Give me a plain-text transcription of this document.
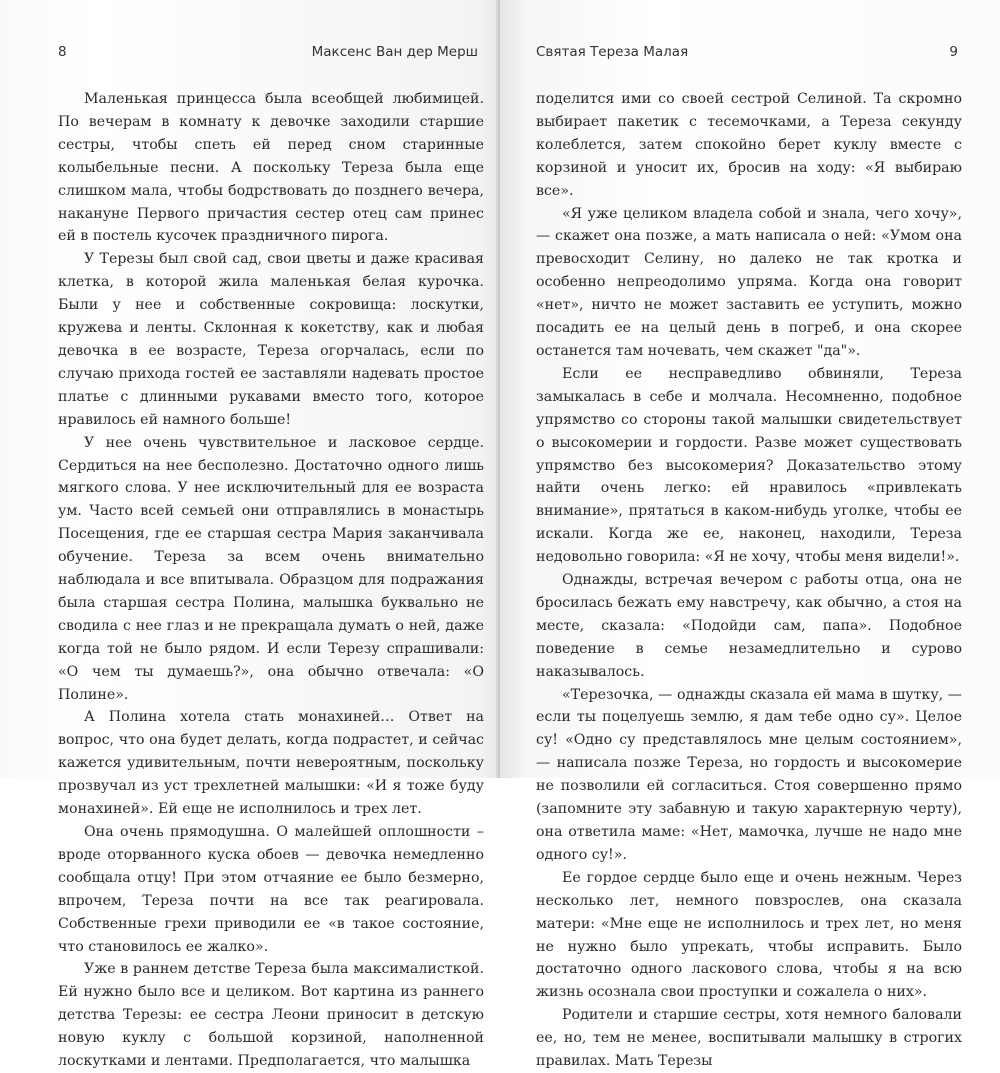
8	Максенс Ван дер Мерш

Маленькая принцесса была всеобщей любимицей. По вечерам в комнату к девочке заходили старшие сестры, чтобы спеть ей перед сном старинные колыбельные песни. А поскольку Тереза была еще слишком мала, чтобы бодрствовать до позднего вечера, накануне Первого причастия сестер отец сам принес ей в постель кусочек праздничного пирога.

У Терезы был свой сад, свои цветы и даже красивая клетка, в которой жила маленькая белая курочка. Были у нее и собственные сокровища: лоскутки, кружева и ленты. Склонная к кокетству, как и любая девочка в ее возрасте, Тереза огорчалась, если по случаю прихода гостей ее заставляли надевать простое платье с длинными рукавами вместо того, которое нравилось ей намного больше!

У нее очень чувствительное и ласковое сердце. Сердиться на нее бесполезно. Достаточно одного лишь мягкого слова. У нее исключительный для ее возраста ум. Часто всей семьей они отправлялись в монастырь Посещения, где ее старшая сестра Мария заканчивала обучение. Тереза за всем очень внимательно наблюдала и все впитывала. Образцом для подражания была старшая сестра Полина, малышка буквально не сводила с нее глаз и не прекращала думать о ней, даже когда той не было рядом. И если Терезу спрашивали: «О чем ты думаешь?», она обычно отвечала: «О Полине».

А Полина хотела стать монахиней… Ответ на вопрос, что она будет делать, когда подрастет, и сейчас кажется удивительным, почти невероятным, поскольку прозвучал из уст трехлетней малышки: «И я тоже буду монахиней». Ей еще не исполнилось и трех лет.

Она очень прямодушна. О малейшей оплошности – вроде оторванного куска обоев — девочка немедленно сообщала отцу! При этом отчаяние ее было безмерно, впрочем, Тереза почти на все так реагировала. Собственные грехи приводили ее «в такое состояние, что становилось ее жалко».

Уже в раннем детстве Тереза была максималисткой. Ей нужно было все и целиком. Вот картина из раннего детства Терезы: ее сестра Леони приносит в детскую новую куклу с большой корзиной, наполненной лоскутками и лентами. Предполагается, что малышка

Святая Тереза Малая	9

поделится ими со своей сестрой Селиной. Та скромно выбирает пакетик с тесемочками, а Тереза секунду колеблется, затем спокойно берет куклу вместе с корзиной и уносит их, бросив на ходу: «Я выбираю все».

«Я уже целиком владела собой и знала, чего хочу», — скажет она позже, а мать написала о ней: «Умом она превосходит Селину, но далеко не так кротка и особенно непреодолимо упряма. Когда она говорит «нет», ничто не может заставить ее уступить, можно посадить ее на целый день в погреб, и она скорее останется там ночевать, чем скажет "да"».

Если ее несправедливо обвиняли, Тереза замыкалась в себе и молчала. Несомненно, подобное упрямство со стороны такой малышки свидетельствует о высокомерии и гордости. Разве может существовать упрямство без высокомерия? Доказательство этому найти очень легко: ей нравилось «привлекать внимание», прятаться в каком-нибудь уголке, чтобы ее искали. Когда же ее, наконец, находили, Тереза недовольно говорила: «Я не хочу, чтобы меня видели!».

Однажды, встречая вечером с работы отца, она не бросилась бежать ему навстречу, как обычно, а стоя на месте, сказала: «Подойди сам, папа». Подобное поведение в семье незамедлительно и сурово наказывалось.

«Терезочка, — однажды сказала ей мама в шутку, — если ты поцелуешь землю, я дам тебе одно су». Целое су! «Одно су представлялось мне целым состоянием», — написала позже Тереза, но гордость и высокомерие не позволили ей согласиться. Стоя совершенно прямо (запомните эту забавную и такую характерную черту), она ответила маме: «Нет, мамочка, лучше не надо мне одного су!».

Ее гордое сердце было еще и очень нежным. Через несколько лет, немного повзрослев, она сказала матери: «Мне еще не исполнилось и трех лет, но меня не нужно было упрекать, чтобы исправить. Было достаточно одного ласкового слова, чтобы я на всю жизнь осознала свои проступки и сожалела о них».

Родители и старшие сестры, хотя немного баловали ее, но, тем не менее, воспитывали малышку в строгих правилах. Мать Терезы
